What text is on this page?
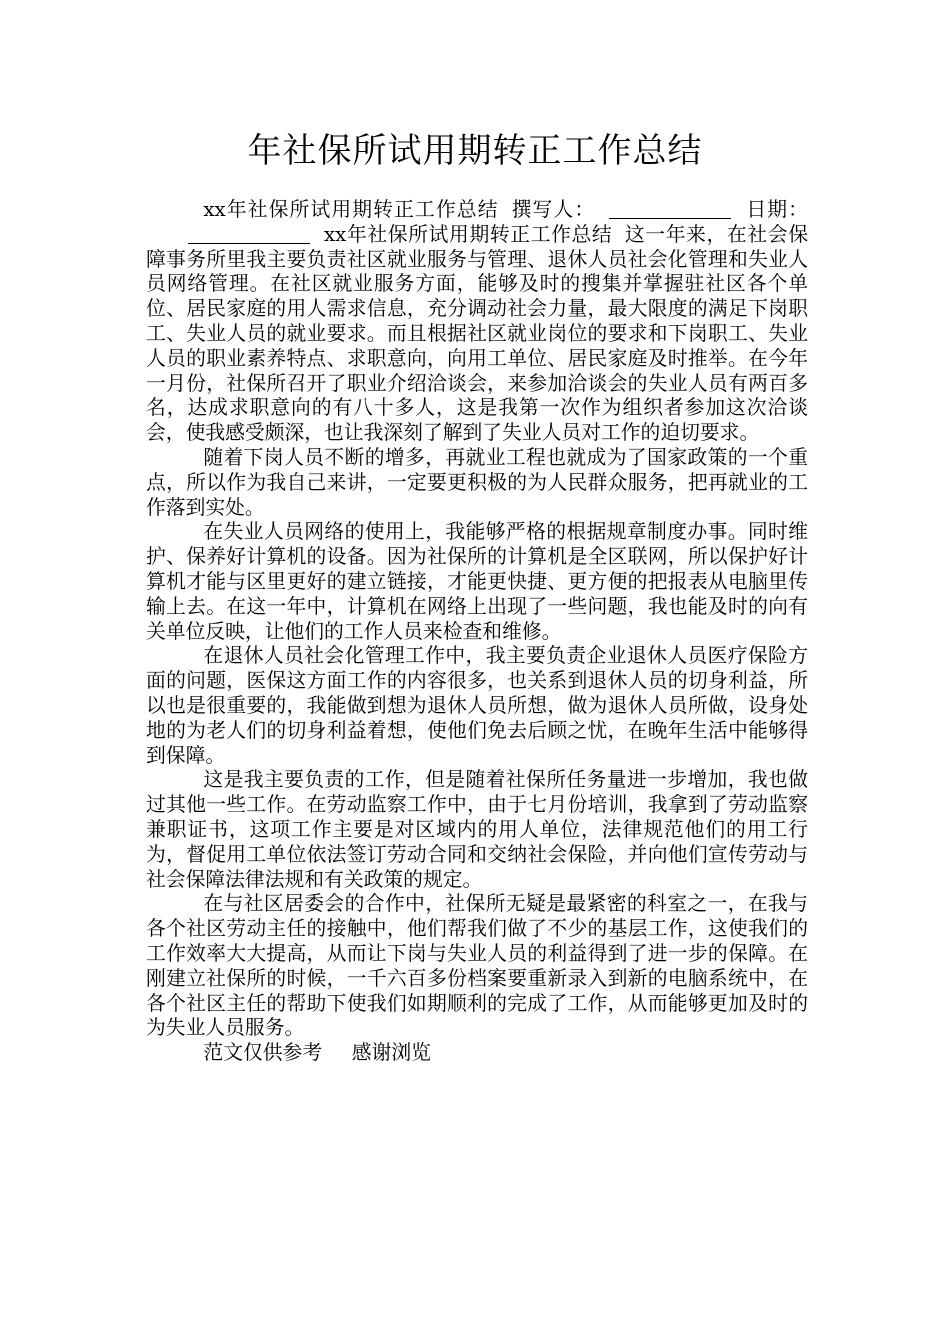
年社保所试用期转正工作总结

xx年社保所试用期转正工作总结 撰写人：	日期：xx年社保所试用期转正工作总结 这一年来，在社会保障事务所里我主要负责社区就业服务与管理、退休人员社会化管理和失业人员网络管理。在社区就业服务方面，能够及时的搜集并掌握驻社区各个单位、居民家庭的用人需求信息，充分调动社会力量，最大限度的满足下岗职工、失业人员的就业要求。而且根据社区就业岗位的要求和下岗职工、失业人员的职业素养特点、求职意向，向用工单位、居民家庭及时推举。在今年一月份，社保所召开了职业介绍洽谈会，来参加洽谈会的失业人员有两百多名，达成求职意向的有八十多人，这是我第一次作为组织者参加这次洽谈会，使我感受颇深，也让我深刻了解到了失业人员对工作的迫切要求。

随着下岗人员不断的增多，再就业工程也就成为了国家政策的一个重点，所以作为我自己来讲，一定要更积极的为人民群众服务，把再就业的工作落到实处。

在失业人员网络的使用上，我能够严格的根据规章制度办事。同时维护、保养好计算机的设备。因为社保所的计算机是全区联网，所以保护好计算机才能与区里更好的建立链接，才能更快捷、更方便的把报表从电脑里传输上去。在这一年中，计算机在网络上出现了一些问题，我也能及时的向有关单位反映，让他们的工作人员来检查和维修。

在退休人员社会化管理工作中，我主要负责企业退休人员医疗保险方面的问题，医保这方面工作的内容很多，也关系到退休人员的切身利益，所以也是很重要的，我能做到想为退休人员所想，做为退休人员所做，设身处地的为老人们的切身利益着想，使他们免去后顾之忧，在晚年生活中能够得到保障。

这是我主要负责的工作，但是随着社保所任务量进一步增加，我也做过其他一些工作。在劳动监察工作中，由于七月份培训，我拿到了劳动监察兼职证书，这项工作主要是对区域内的用人单位，法律规范他们的用工行为，督促用工单位依法签订劳动合同和交纳社会保险，并向他们宣传劳动与社会保障法律法规和有关政策的规定。

在与社区居委会的合作中，社保所无疑是最紧密的科室之一，在我与各个社区劳动主任的接触中，他们帮我们做了不少的基层工作，这使我们的工作效率大大提高，从而让下岗与失业人员的利益得到了进一步的保障。在刚建立社保所的时候，一千六百多份档案要重新录入到新的电脑系统中，在各个社区主任的帮助下使我们如期顺利的完成了工作，从而能够更加及时的为失业人员服务。

范文仅供参考 感谢浏览
